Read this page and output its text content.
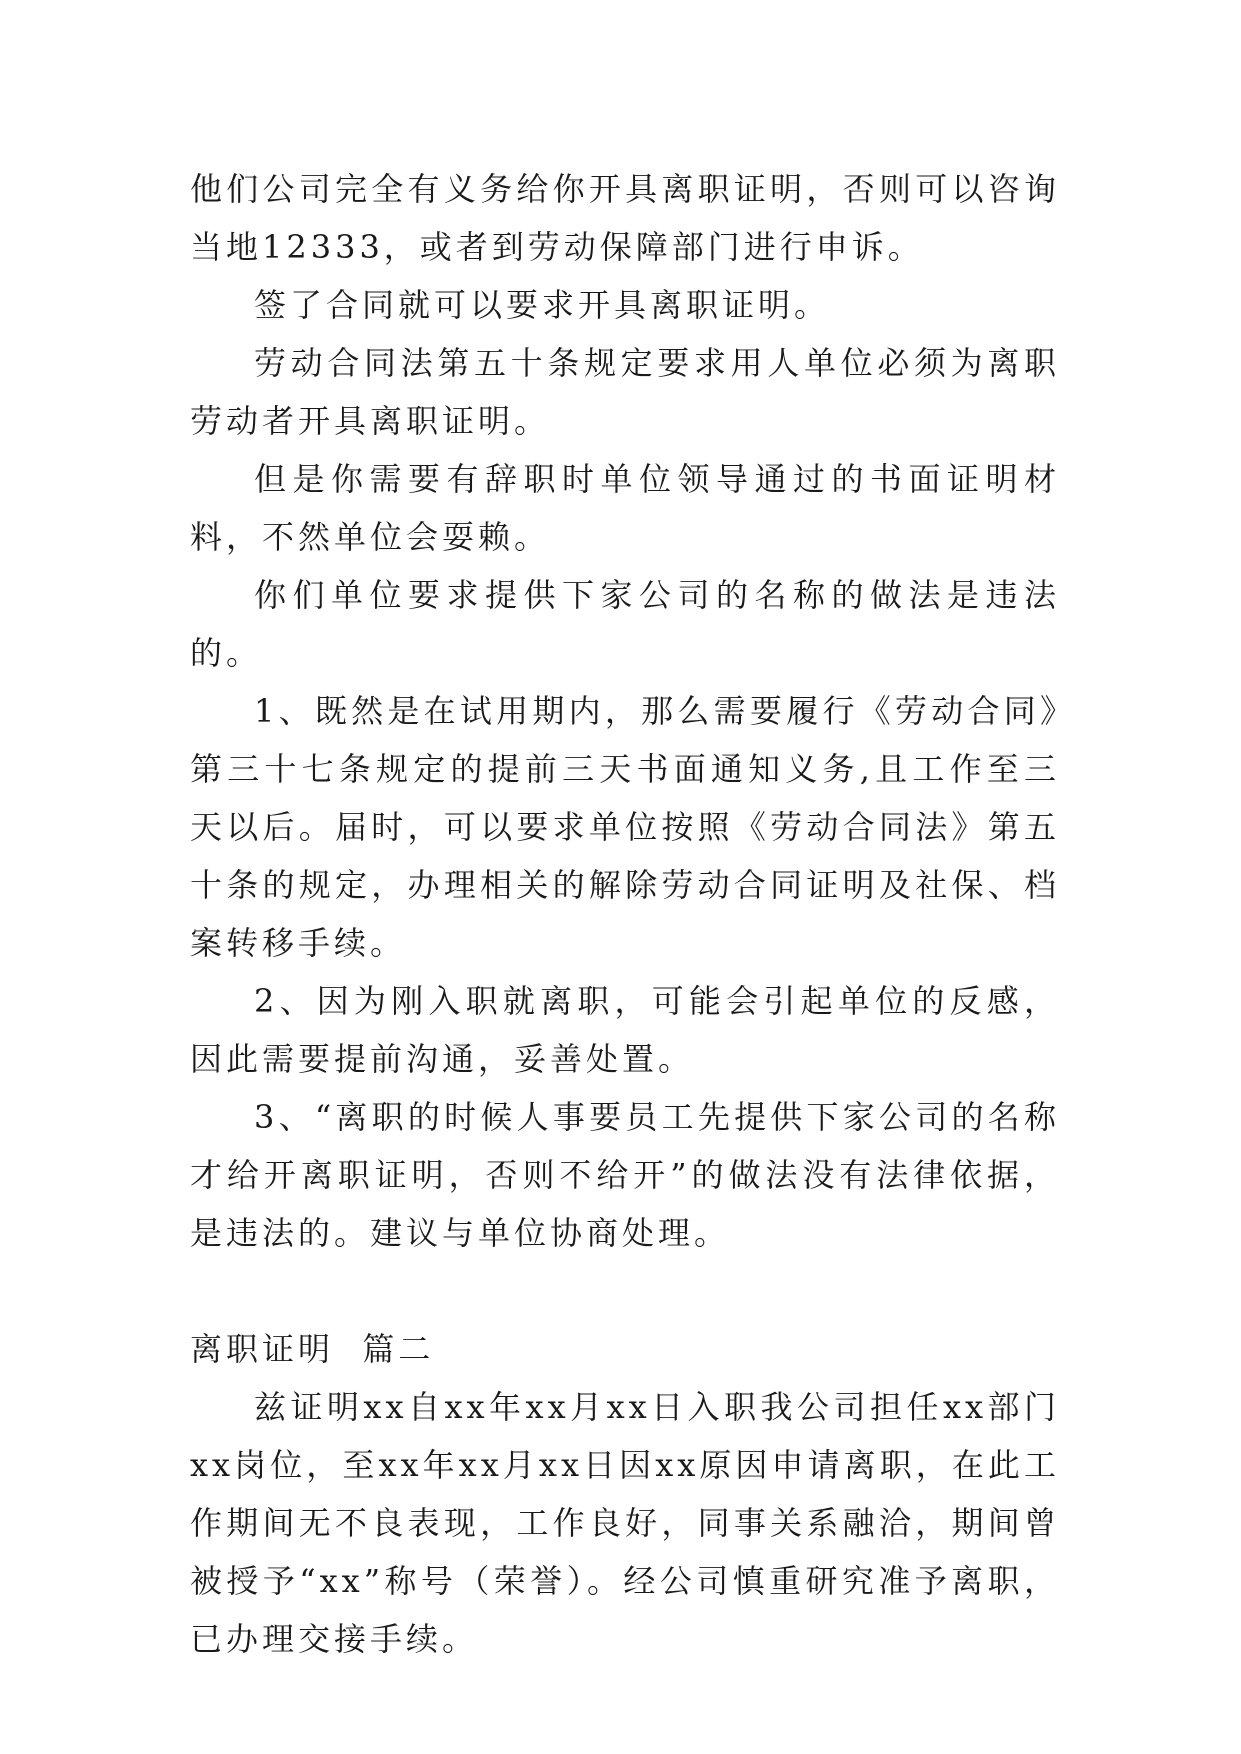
他们公司完全有义务给你开具离职证明，否则可以咨询当地12333，或者到劳动保障部门进行申诉。

签了合同就可以要求开具离职证明。

劳动合同法第五十条规定要求用人单位必须为离职劳动者开具离职证明。

但是你需要有辞职时单位领导通过的书面证明材料，不然单位会耍赖。

你们单位要求提供下家公司的名称的做法是违法的。

1、既然是在试用期内，那么需要履行《劳动合同》第三十七条规定的提前三天书面通知义务,且工作至三天以后。届时，可以要求单位按照《劳动合同法》第五十条的规定，办理相关的解除劳动合同证明及社保、档案转移手续。

2、因为刚入职就离职，可能会引起单位的反感，因此需要提前沟通，妥善处置。

3、“离职的时候人事要员工先提供下家公司的名称才给开离职证明，否则不给开”的做法没有法律依据，是违法的。建议与单位协商处理。

离职证明  篇二

兹证明xx自xx年xx月xx日入职我公司担任xx部门xx岗位，至xx年xx月xx日因xx原因申请离职，在此工作期间无不良表现，工作良好，同事关系融洽，期间曾被授予“xx”称号（荣誉）。经公司慎重研究准予离职，已办理交接手续。
